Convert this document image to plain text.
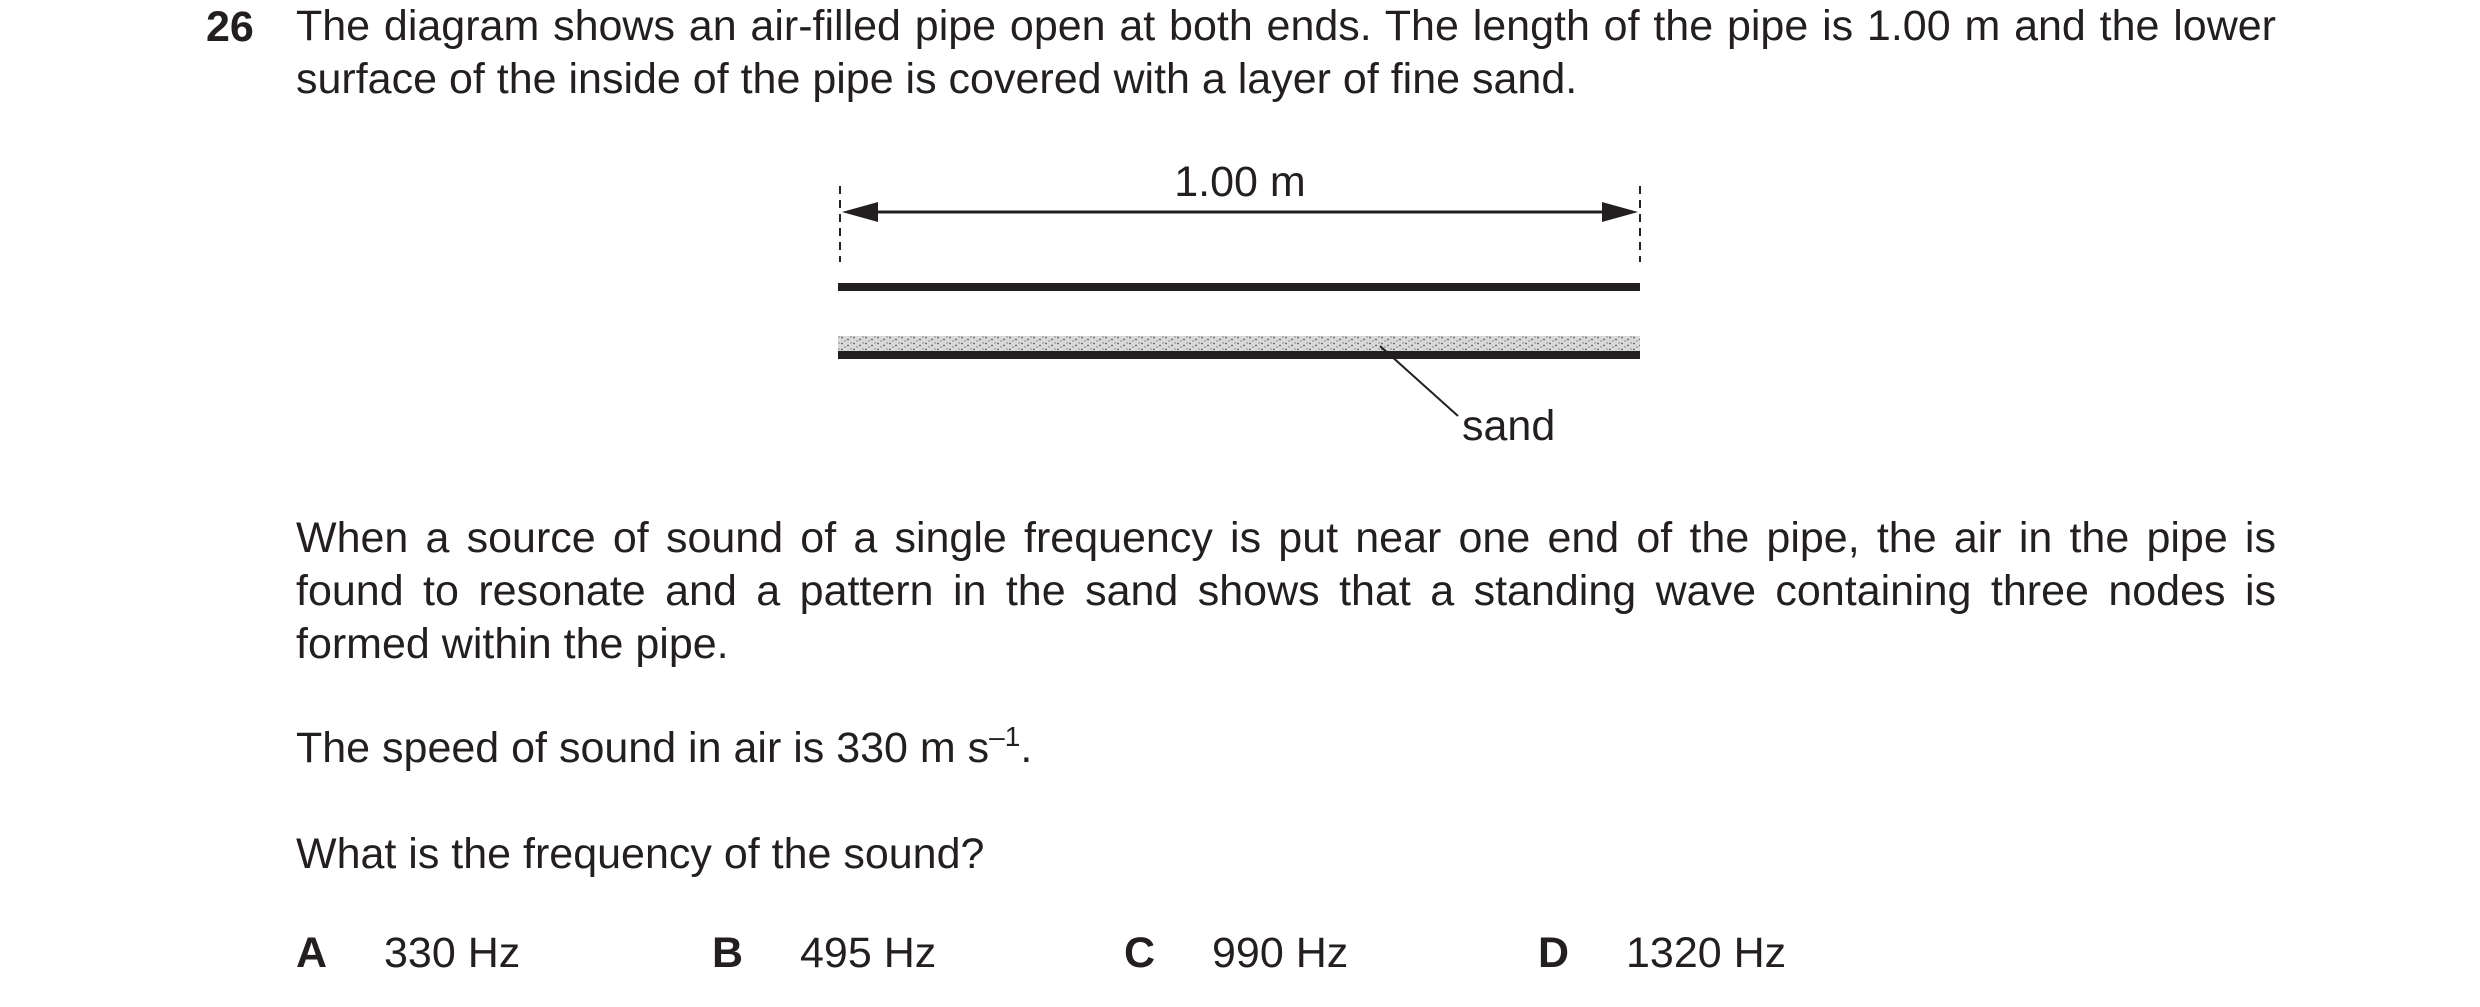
26 The diagram shows an air-filled pipe open at both ends. The length of the pipe is 1.00 m and the lower surface of the inside of the pipe is covered with a layer of fine sand.

1.00 m
sand

When a source of sound of a single frequency is put near one end of the pipe, the air in the pipe is found to resonate and a pattern in the sand shows that a standing wave containing three nodes is formed within the pipe.

The speed of sound in air is 330 m $s^{-1}$.

What is the frequency of the sound?

A 330 Hz	B 495 Hz	C 990 Hz	D 1320 Hz
